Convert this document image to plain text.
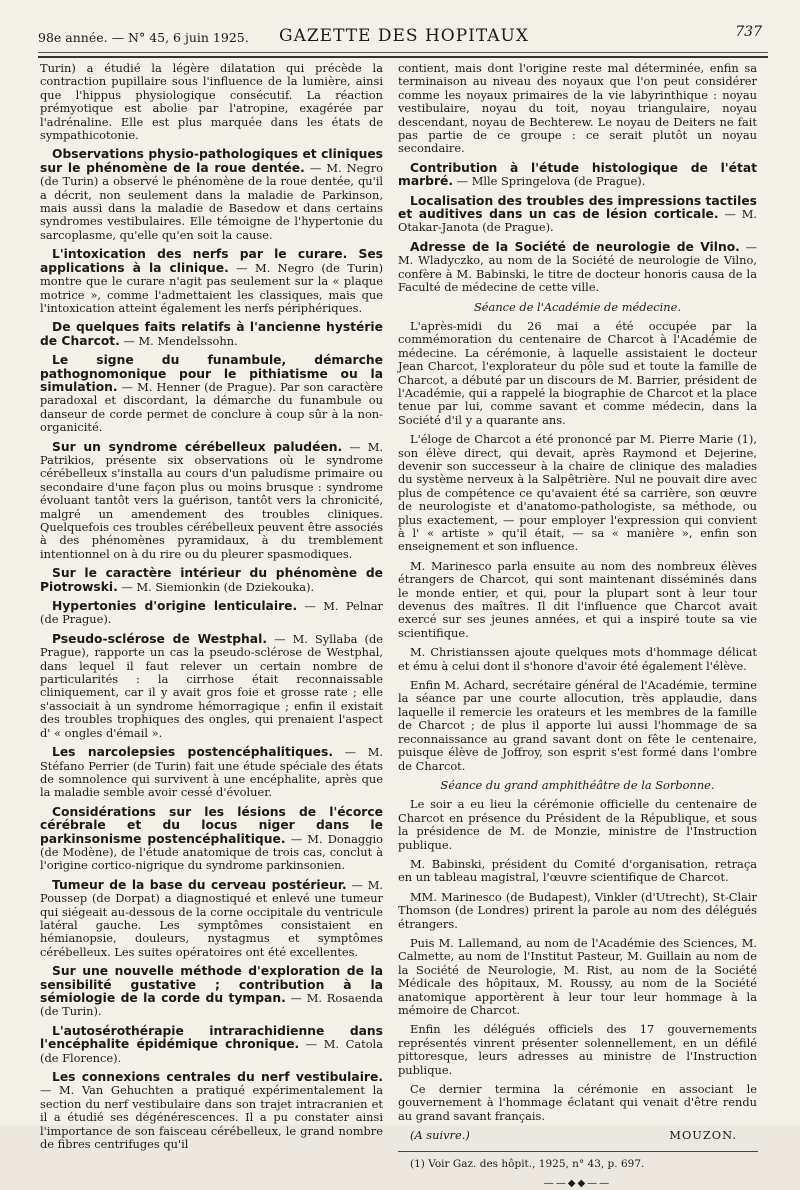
98e année. — N° 45, 6 juin 1925.	GAZETTE DES HOPITAUX	737

Turin) a étudié la légère dilatation qui précède la contraction pupillaire sous l'influence de la lumière, ainsi que l'hippus physiologique consécutif. La réaction prémyotique est abolie par l'atropine, exagérée par l'adrénaline. Elle est plus marquée dans les états de sympathicotonie.

Observations physio-pathologiques et cliniques sur le phénomène de la roue dentée. — M. Negro (de Turin) a observé le phénomène de la roue dentée, qu'il a décrit, non seulement dans la maladie de Parkinson, mais aussi dans la maladie de Basedow et dans certains syndromes vestibulaires. Elle témoigne de l'hypertonie du sarcoplasme, qu'elle qu'en soit la cause.

L'intoxication des nerfs par le curare. Ses applications à la clinique. — M. Negro (de Turin) montre que le curare n'agit pas seulement sur la « plaque motrice », comme l'admettaient les classiques, mais que l'intoxication atteint également les nerfs périphériques.

De quelques faits relatifs à l'ancienne hystérie de Charcot. — M. Mendelssohn.

Le signe du funambule, démarche pathognomonique pour le pithiatisme ou la simulation. — M. Henner (de Prague). Par son caractère paradoxal et discordant, la démarche du funambule ou danseur de corde permet de conclure à coup sûr à la non-organicité.

Sur un syndrome cérébelleux paludéen. — M. Patrikios, présente six observations où le syndrome cérébelleux s'installa au cours d'un paludisme primaire ou secondaire d'une façon plus ou moins brusque : syndrome évoluant tantôt vers la guérison, tantôt vers la chronicité, malgré un amendement des troubles cliniques. Quelquefois ces troubles cérébelleux peuvent être associés à des phénomènes pyramidaux, à du tremblement intentionnel on à du rire ou du pleurer spasmodiques.

Sur le caractère intérieur du phénomène de Piotrowski. — M. Siemionkin (de Dziekouka).

Hypertonies d'origine lenticulaire. — M. Pelnar (de Prague).

Pseudo-sclérose de Westphal. — M. Syllaba (de Prague), rapporte un cas la pseudo-sclérose de Westphal, dans lequel il faut relever un certain nombre de particularités : la cirrhose était reconnaissable cliniquement, car il y avait gros foie et grosse rate ; elle s'associait à un syndrome hémorragique ; enfin il existait des troubles trophiques des ongles, qui prenaient l'aspect d' « ongles d'émail ».

Les narcolepsies postencéphalitiques. — M. Stéfano Perrier (de Turin) fait une étude spéciale des états de somnolence qui survivent à une encéphalite, après que la maladie semble avoir cessé d'évoluer.

Considérations sur les lésions de l'écorce cérébrale et du locus niger dans le parkinsonisme postencéphalitique. — M. Donaggio (de Modène), de l'étude anatomique de trois cas, conclut à l'origine cortico-nigrique du syndrome parkinsonien.

Tumeur de la base du cerveau postérieur. — M. Poussep (de Dorpat) a diagnostiqué et enlevé une tumeur qui siégeait au-dessous de la corne occipitale du ventricule latéral gauche. Les symptômes consistaient en hémianopsie, douleurs, nystagmus et symptômes cérébelleux. Les suites opératoires ont été excellentes.

Sur une nouvelle méthode d'exploration de la sensibilité gustative ; contribution à la sémiologie de la corde du tympan. — M. Rosaenda (de Turin).

L'autosérothérapie intrarachidienne dans l'encéphalite épidémique chronique. — M. Catola (de Florence).

Les connexions centrales du nerf vestibulaire. — M. Van Gehuchten a pratiqué expérimentalement la section du nerf vestibulaire dans son trajet intracranien et il a étudié ses dégénérescences. Il a pu constater ainsi l'importance de son faisceau cérébelleux, le grand nombre de fibres centrifuges qu'il

contient, mais dont l'origine reste mal déterminée, enfin sa terminaison au niveau des noyaux que l'on peut considérer comme les noyaux primaires de la vie labyrinthique : noyau vestibulaire, noyau du toit, noyau triangulaire, noyau descendant, noyau de Bechterew. Le noyau de Deiters ne fait pas partie de ce groupe : ce serait plutôt un noyau secondaire.

Contribution à l'étude histologique de l'état marbré. — Mlle Springelova (de Prague).

Localisation des troubles des impressions tactiles et auditives dans un cas de lésion corticale. — M. Otakar-Janota (de Prague).

Adresse de la Société de neurologie de Vilno. — M. Wladyczko, au nom de la Société de neurologie de Vilno, confère à M. Babinski, le titre de docteur honoris causa de la Faculté de médecine de cette ville.

Séance de l'Académie de médecine.

L'après-midi du 26 mai a été occupée par la commémoration du centenaire de Charcot à l'Académie de médecine. La cérémonie, à laquelle assistaient le docteur Jean Charcot, l'explorateur du pôle sud et toute la famille de Charcot, a débuté par un discours de M. Barrier, président de l'Académie, qui a rappelé la biographie de Charcot et la place tenue par lui, comme savant et comme médecin, dans la Société d'il y a quarante ans.

L'éloge de Charcot a été prononcé par M. Pierre Marie (1), son élève direct, qui devait, après Raymond et Dejerine, devenir son successeur à la chaire de clinique des maladies du système nerveux à la Salpêtrière. Nul ne pouvait dire avec plus de compétence ce qu'avaient été sa carrière, son œuvre de neurologiste et d'anatomo-pathologiste, sa méthode, ou plus exactement, — pour employer l'expression qui convient à l' « artiste » qu'il était, — sa « manière », enfin son enseignement et son influence.

M. Marinesco parla ensuite au nom des nombreux élèves étrangers de Charcot, qui sont maintenant disséminés dans le monde entier, et qui, pour la plupart sont à leur tour devenus des maîtres. Il dit l'influence que Charcot avait exercé sur ses jeunes années, et qui a inspiré toute sa vie scientifique.

M. Christianssen ajoute quelques mots d'hommage délicat et ému à celui dont il s'honore d'avoir été également l'élève.

Enfin M. Achard, secrétaire général de l'Académie, termine la séance par une courte allocution, très applaudie, dans laquelle il remercie les orateurs et les membres de la famille de Charcot ; de plus il apporte lui aussi l'hommage de sa reconnaissance au grand savant dont on fête le centenaire, puisque élève de Joffroy, son esprit s'est formé dans l'ombre de Charcot.

Séance du grand amphithéâtre de la Sorbonne.

Le soir a eu lieu la cérémonie officielle du centenaire de Charcot en présence du Président de la République, et sous la présidence de M. de Monzie, ministre de l'Instruction publique.

M. Babinski, président du Comité d'organisation, retraça en un tableau magistral, l'œuvre scientifique de Charcot.

MM. Marinesco (de Budapest), Vinkler (d'Utrecht), St-Clair Thomson (de Londres) prirent la parole au nom des délégués étrangers.

Puis M. Lallemand, au nom de l'Académie des Sciences, M. Calmette, au nom de l'Institut Pasteur, M. Guillain au nom de la Société de Neurologie, M. Rist, au nom de la Société Médicale des hôpitaux, M. Roussy, au nom de la Société anatomique apportèrent à leur tour leur hommage à la mémoire de Charcot.

Enfin les délégués officiels des 17 gouvernements représentés vinrent présenter solennellement, en un défilé pittoresque, leurs adresses au ministre de l'Instruction publique.

Ce dernier termina la cérémonie en associant le gouvernement à l'hommage éclatant qui venait d'être rendu au grand savant français.

(A suivre.)	MOUZON.

(1) Voir Gaz. des hôpit., 1925, n° 43, p. 697.

——◆◆——
